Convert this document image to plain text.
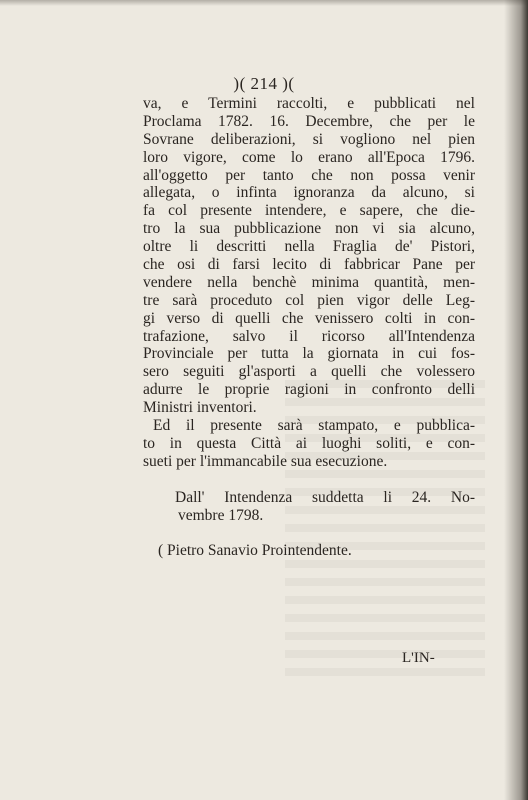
)( 214 )(
va, e Termini raccolti, e pubblicati nel
Proclama 1782. 16. Decembre, che per le
Sovrane deliberazioni, si vogliono nel pien
loro vigore, come lo erano all'Epoca 1796.
all'oggetto per tanto che non possa venir
allegata, o infinta ignoranza da alcuno, si
fa col presente intendere, e sapere, che die-
tro la sua pubblicazione non vi sia alcuno,
oltre li descritti nella Fraglia de' Pistori,
che osi di farsi lecito di fabbricar Pane per
vendere nella benchè minima quantità, men-
tre sarà proceduto col pien vigor delle Leg-
gi verso di quelli che venissero colti in con-
trafazione, salvo il ricorso all'Intendenza
Provinciale per tutta la giornata in cui fos-
sero seguiti gl'asporti a quelli che volessero
adurre le proprie ragioni in confronto delli
Ministri inventori.
Ed il presente sarà stampato, e pubblica-
to in questa Città ai luoghi soliti, e con-
sueti per l'immancabile sua esecuzione.
Dall' Intendenza suddetta li 24. No-
vembre 1798.
( Pietro Sanavio Prointendente.
L'IN-
